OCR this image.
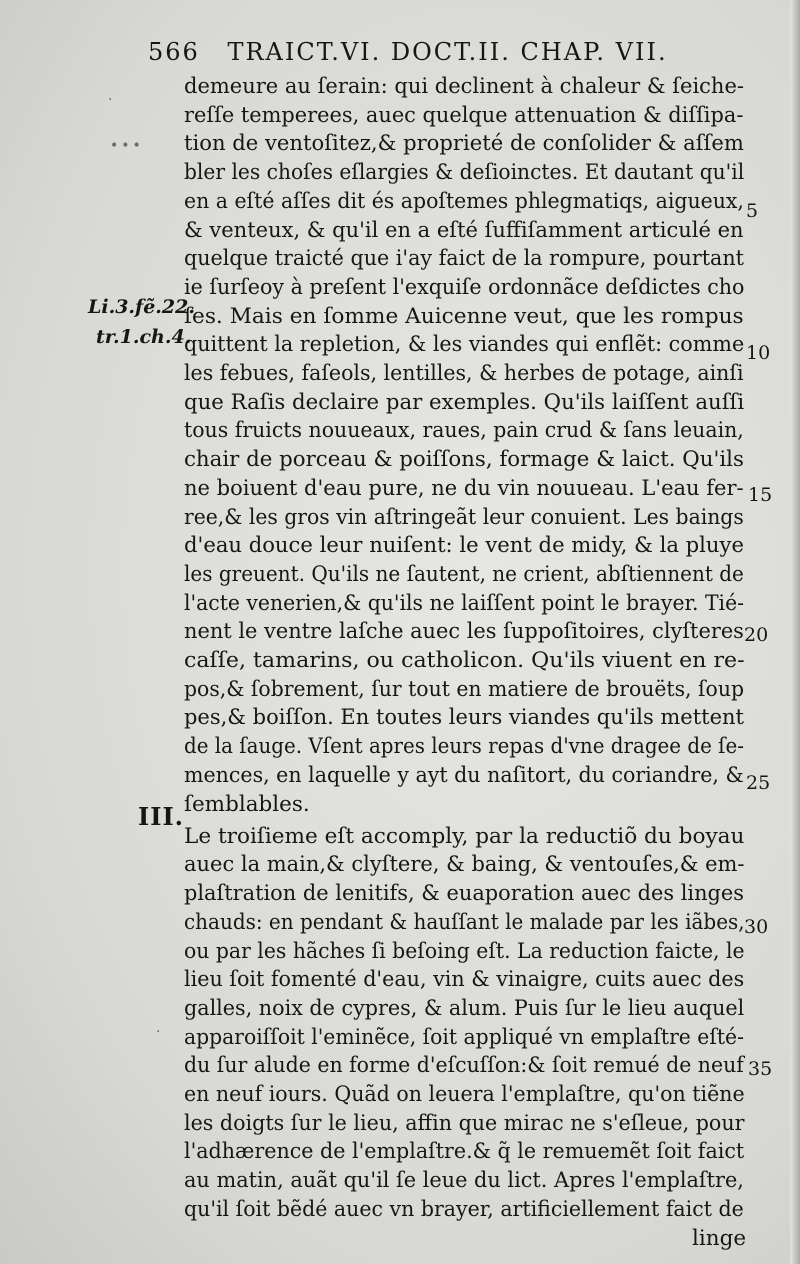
566 TRAICT.VI. DOCT.II. CHAP. VII.
demeure au ſerain: qui declinent à chaleur & ſeiche-
reſſe temperees, auec quelque attenuation & diſſipa-
tion de ventoſitez,& proprieté de conſolider & aſſem
bler les choſes eſlargies & deſioinctes. Et dautant qu'il
en a eſté aſſes dit és apoſtemes phlegmatiqs, aigueux,
& venteux, & qu'il en a eſté ſuffiſamment articulé en
quelque traicté que i'ay faict de la rompure, pourtant
ie ſurſeoy à preſent l'exquiſe ordonnãce deſdictes cho
ſes. Mais en ſomme Auicenne veut, que les rompus
quittent la repletion, & les viandes qui enflẽt: comme
les febues, faſeols, lentilles, & herbes de potage, ainſi
que Raſis declaire par exemples. Qu'ils laiſſent auſſi
tous fruicts nouueaux, raues, pain crud & ſans leuain,
chair de porceau & poiſſons, formage & laict. Qu'ils
ne boiuent d'eau pure, ne du vin nouueau. L'eau fer-
ree,& les gros vin aſtringeãt leur conuient. Les baings
d'eau douce leur nuiſent: le vent de midy, & la pluye
les greuent. Qu'ils ne ſautent, ne crient, abſtiennent de
l'acte venerien,& qu'ils ne laiſſent point le brayer. Tié-
nent le ventre laſche auec les ſuppoſitoires, clyſteres
caſſe, tamarins, ou catholicon. Qu'ils viuent en re-
pos,& ſobrement, ſur tout en matiere de brouëts, ſoup
pes,& boiſſon. En toutes leurs viandes qu'ils mettent
de la ſauge. Vſent apres leurs repas d'vne dragee de ſe-
mences, en laquelle y ayt du naſitort, du coriandre, &
ſemblables.
Le troiſieme eſt accomply, par la reductiõ du boyau
auec la main,& clyſtere, & baing, & ventouſes,& em-
plaſtration de lenitifs, & euaporation auec des linges
chauds: en pendant & hauſſant le malade par les iãbes,
ou par les hãches ſi beſoing eſt. La reduction faicte, le
lieu ſoit fomenté d'eau, vin & vinaigre, cuits auec des
galles, noix de cypres, & alum. Puis ſur le lieu auquel
apparoiſſoit l'eminẽce, ſoit appliqué vn emplaſtre eſté-
du ſur alude en forme d'eſcuſſon:& ſoit remué de neuf
en neuf iours. Quãd on leuera l'emplaſtre, qu'on tiẽne
les doigts ſur le lieu, affin que mirac ne s'eſleue, pour
l'adhærence de l'emplaſtre.& q̃ le remuemẽt ſoit faict
au matin, auãt qu'il ſe leue du lict. Apres l'emplaſtre,
qu'il ſoit bẽdé auec vn brayer, artificiellement faict de
linge
III.
Li.3.fẽ.22.
tr.1.ch.4.
5
10
15
20
25
30
35
·
•••
·
